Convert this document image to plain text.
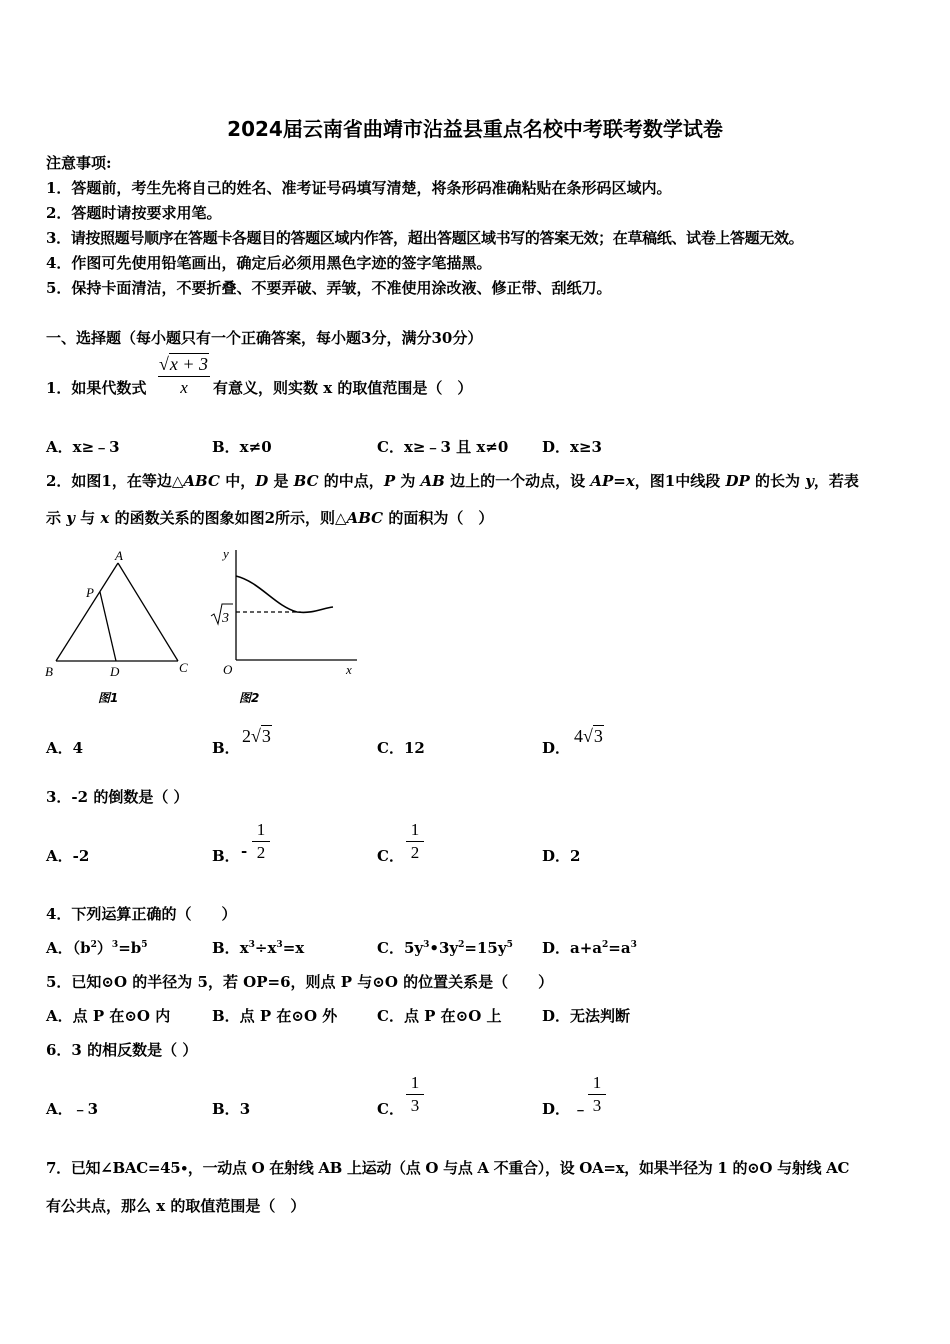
2024届云南省曲靖市沾益县重点名校中考联考数学试卷
注意事项:
1．答题前，考生先将自己的姓名、准考证号码填写清楚，将条形码准确粘贴在条形码区域内。
2．答题时请按要求用笔。
3．请按照题号顺序在答题卡各题目的答题区域内作答，超出答题区域书写的答案无效；在草稿纸、试卷上答题无效。
4．作图可先使用铅笔画出，确定后必须用黑色字迹的签字笔描黑。
5．保持卡面清洁，不要折叠、不要弄破、弄皱，不准使用涂改液、修正带、刮纸刀。
一、选择题（每小题只有一个正确答案，每小题3分，满分30分）
1．如果代数式
√x + 3
x	有意义，则实数 x 的取值范围是（　）
A．x≥﹣3	B．x≠0	C．x≥﹣3 且 x≠0 D．x≥3
2．如图1，在等边△ABC 中，D 是 BC 的中点，P 为 AB 边上的一个动点，设 AP=x，图1中线段 DP 的长为 y，若表
示 y 与 x 的函数关系的图象如图2所示，则△ABC 的面积为（　）
A
P
B	D	C
图1
y
O	x
3
图2
A．4	B．
2√3
C．12	D．
4√3
3．-2 的倒数是（ ）
A．-2	B． -
1
2	C．
1
2	D．2
4．下列运算正确的（　　）
A．$(b^2)^3=b^5$	B．$x^3\div x^3=x$	C．$5y^3•3y^2=15y^5$ D．$a+a^2=a^3$
5．已知⊙O 的半径为 5，若 OP=6，则点 P 与⊙O 的位置关系是（　　）
A．点 P 在⊙O 内	B．点 P 在⊙O 外	C．点 P 在⊙O 上	D．无法判断
6．3 的相反数是（ ）
A．﹣3	B．3	C．
1
3	D． ﹣
1
3
7．已知∠BAC=45∙，一动点 O 在射线 AB 上运动（点 O 与点 A 不重合），设 OA=x，如果半径为 1 的⊙O 与射线 AC
有公共点，那么 x 的取值范围是（　）
